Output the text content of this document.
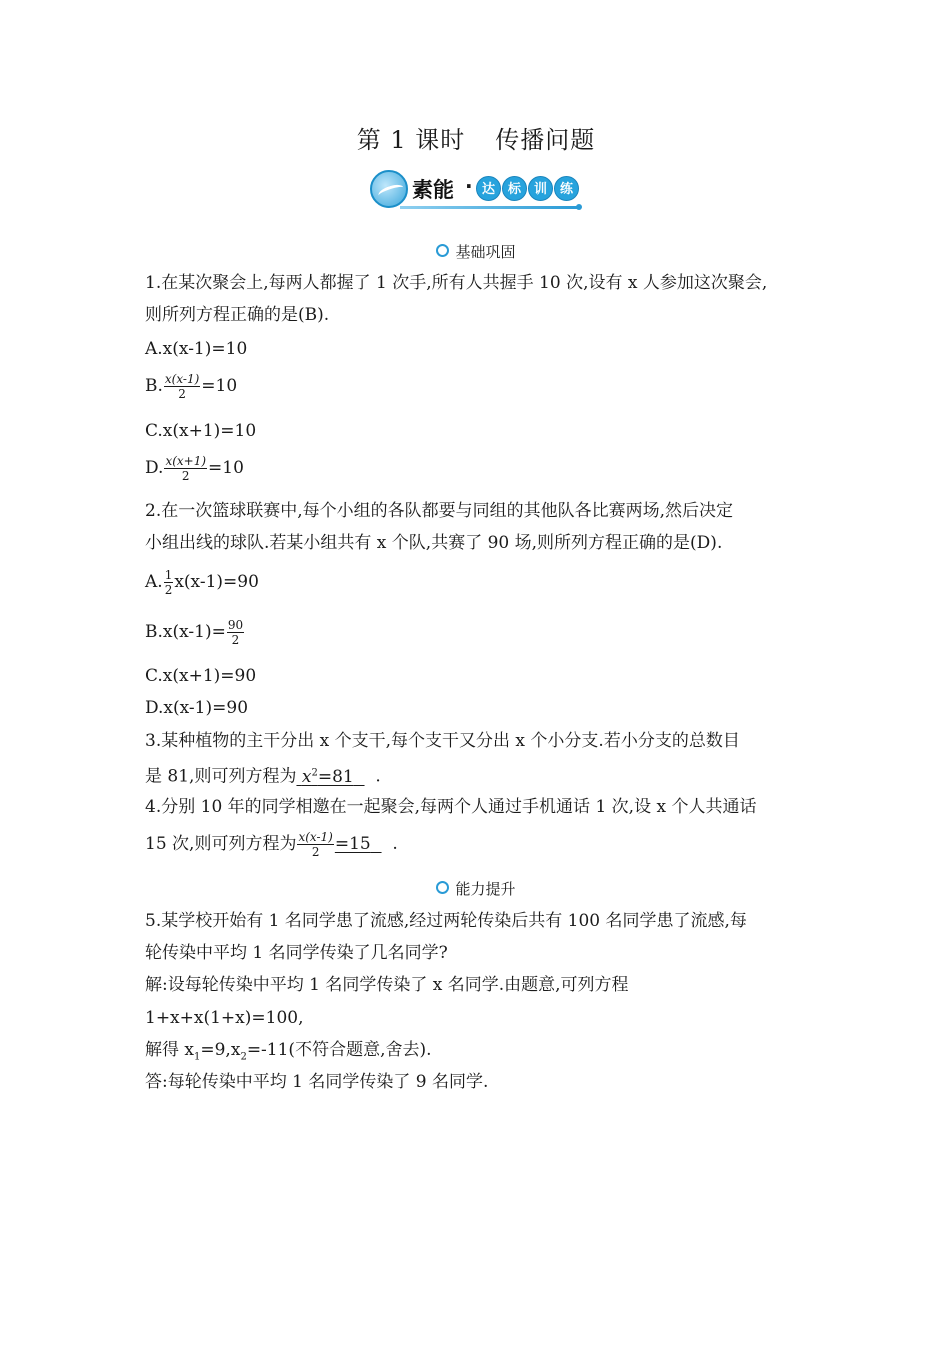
第 1 课时 传播问题
素能 · 达 标 训 练
基础巩固
1.在某次聚会上,每两人都握了 1 次手,所有人共握手 10 次,设有 x 人参加这次聚会,
则所列方程正确的是(B).
A.x(x-1)=10
B. $\frac{x(x-1)}{2} =10$
C.x(x+1)=10
D. $\frac{x(x+1)}{2} =10$
2.在一次篮球联赛中,每个小组的各队都要与同组的其他队各比赛两场,然后决定
小组出线的球队.若某小组共有 x 个队,共赛了 90 场,则所列方程正确的是(D).
A. $\frac{1}{2} x(x-1)=90$
$B.x(x-1)= \frac{90}{2}$
C.x(x+1)=90
D.x(x-1)=90
3.某种植物的主干分出 x 个支干,每个支干又分出 x 个小分支.若小分支的总数目
是 81,则可列方程为 $x^2=81$ .
4.分别 10 年的同学相邀在一起聚会,每两个人通过手机通话 1 次,设 x 个人共通话
15 次,则可列方程为 $\frac{x(x-1)}{2} =15$ .
能力提升
5.某学校开始有 1 名同学患了流感,经过两轮传染后共有 100 名同学患了流感,每
轮传染中平均 1 名同学传染了几名同学?
解:设每轮传染中平均 1 名同学传染了 x 名同学.由题意,可列方程
1+x+x(1+x)=100,
解得 $x_1=9,x_2=-11$(不符合题意,舍去).
答:每轮传染中平均 1 名同学传染了 9 名同学.
